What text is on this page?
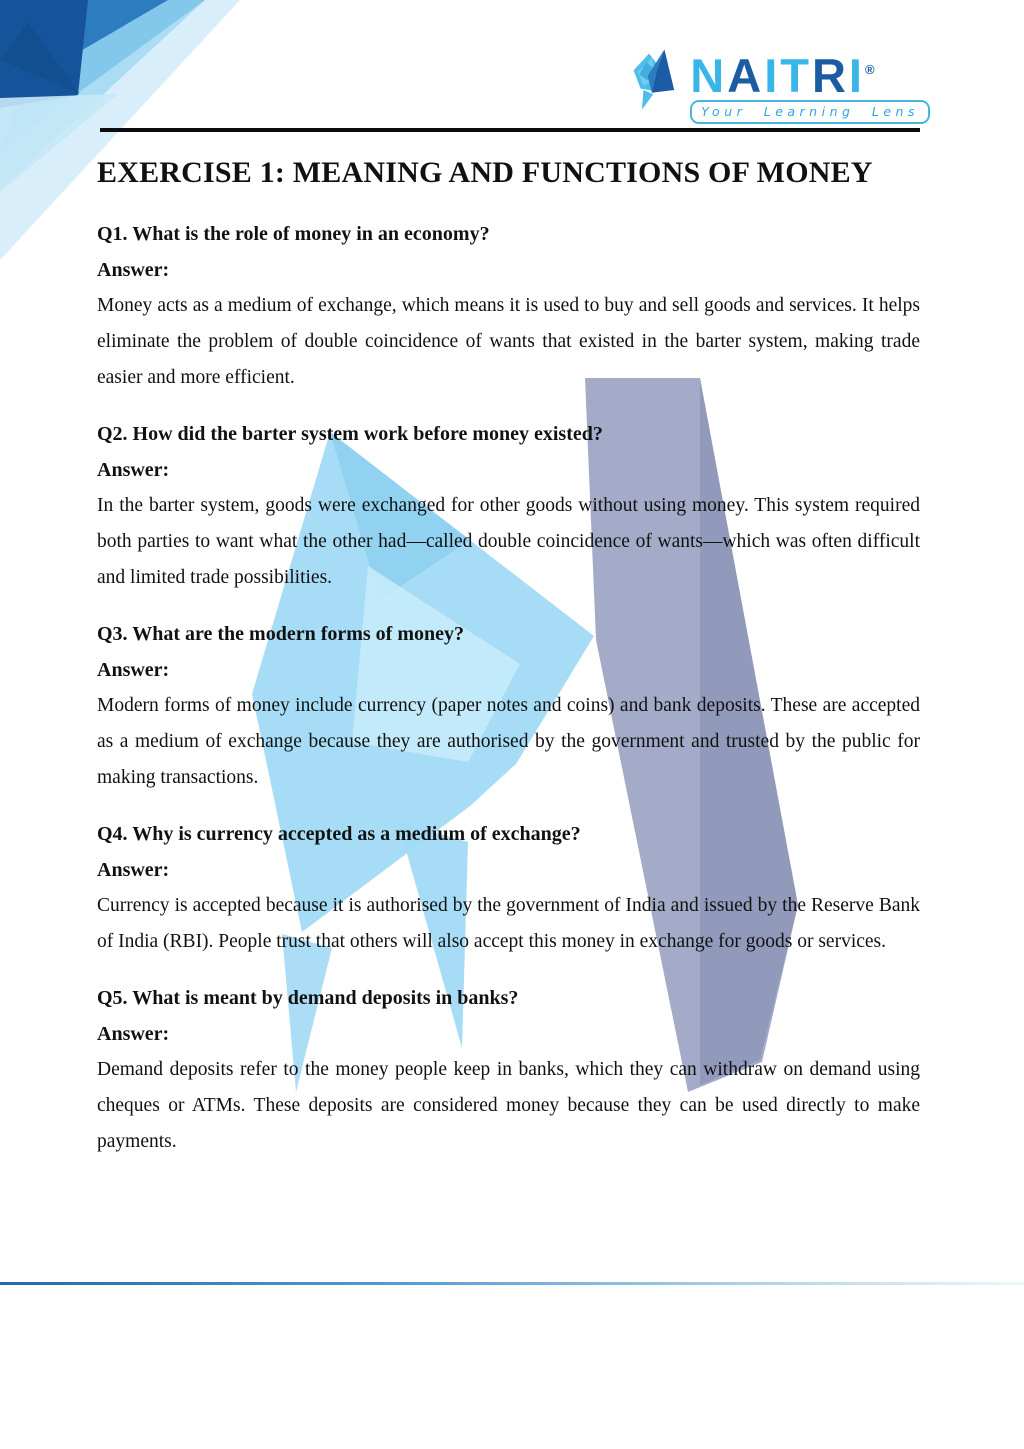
NAITRI®
Your Learning Lens
EXERCISE 1: MEANING AND FUNCTIONS OF MONEY
Q1. What is the role of money in an economy?
Answer:

Money acts as a medium of exchange, which means it is used to buy and sell goods and services. It helps eliminate the problem of double coincidence of wants that existed in the barter system, making trade easier and more efficient.

Q2. How did the barter system work before money existed?
Answer:

In the barter system, goods were exchanged for other goods without using money. This system required both parties to want what the other had—called double coincidence of wants—which was often difficult and limited trade possibilities.

Q3. What are the modern forms of money?
Answer:

Modern forms of money include currency (paper notes and coins) and bank deposits. These are accepted as a medium of exchange because they are authorised by the government and trusted by the public for making transactions.

Q4. Why is currency accepted as a medium of exchange?
Answer:

Currency is accepted because it is authorised by the government of India and issued by the Reserve Bank of India (RBI). People trust that others will also accept this money in exchange for goods or services.

Q5. What is meant by demand deposits in banks?
Answer:

Demand deposits refer to the money people keep in banks, which they can withdraw on demand using cheques or ATMs. These deposits are considered money because they can be used directly to make payments.
